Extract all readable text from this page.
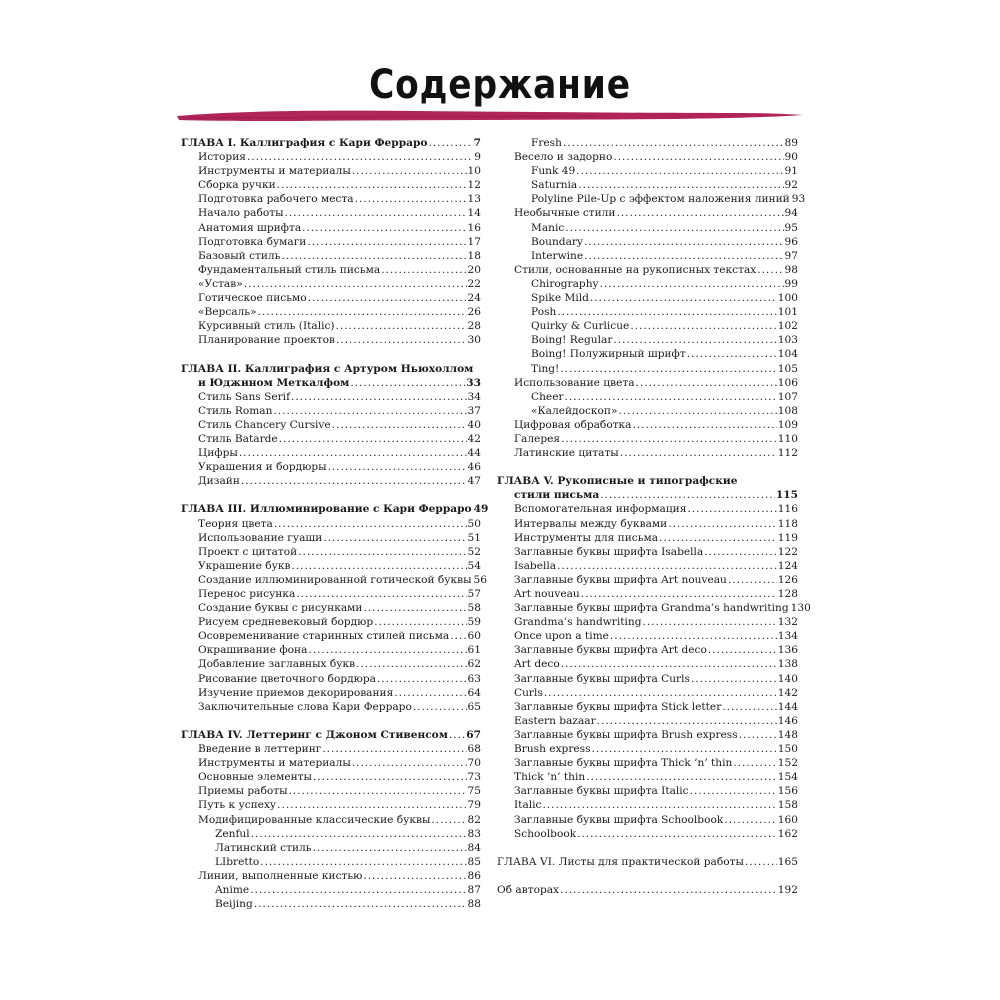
Содержание
ГЛАВА I. Каллиграфия с Кари Ферраро . . .	7
История . . .	9
Инструменты и материалы . . .	10
Сборка ручки . . .	12
Подготовка рабочего места . . .	13
Начало работы . . .	14
Анатомия шрифта . . .	16
Подготовка бумаги . . .	17
Базовый стиль . . .	18
Фундаментальный стиль письма . . .	20
«Устав» . . .	22
Готическое письмо . . .	24
«Версаль» . . .	26
Курсивный стиль (Italic) . . .	28
Планирование проектов . . .	30
ГЛАВА II. Каллиграфия с Артуром Ньюхоллом
и Юджином Меткалфом . . .	33
Стиль Sans Serif . . .	34
Стиль Roman . . .	37
Стиль Chancery Cursive . . .	40
Стиль Batarde . . .	42
Цифры . . .	44
Украшения и бордюры . . .	46
Дизайн . . .	47
ГЛАВА III. Иллюминирование с Кари Ферраро 49
Теория цвета . . .	50
Использование гуаши . . .	51
Проект с цитатой . . .	52
Украшение букв . . .	54
Создание иллюминированной готической буквы 56
Перенос рисунка . . .	57
Создание буквы с рисунками . . .	58
Рисуем средневековый бордюр . . .	59
Осовременивание старинных стилей письма . . . 60
Окрашивание фона . . .	61
Добавление заглавных букв . . .	62
Рисование цветочного бордюра . . .	63
Изучение приемов декорирования . . .	64
Заключительные слова Кари Ферраро . . .	65
ГЛАВА IV. Леттеринг с Джоном Стивенсом . . . 67
Введение в леттеринг . . .	68
Инструменты и материалы . . .	70
Основные элементы . . .	73
Приемы работы . . .	75
Путь к успеху . . .	79
Модифицированные классические буквы . . .	82
Zenful . . .	83
Латинский стиль . . .	84
LIbretto . . .	85
Линии, выполненные кистью . . .	86
Anime . . .	87
Beijing . . .	88
Fresh . . .	89
Весело и задорно . . .	90
Funk 49 . . .	91
Saturnia . . .	92
Polyline Pile-Up с эффектом наложения линий 93
Необычные стили . . .	94
Manic . . .	95
Boundary . . .	96
Interwine . . .	97
Стили, основанные на рукописных текстах . . .	98
Chirography . . .	99
Spike Mild . . .	100
Posh . . .	101
Quirky & Curlicue . . .	102
Boing! Regular . . .	103
Boing! Полужирный шрифт . . .	104
Ting! . . .	105
Использование цвета . . .	106
Cheer . . .	107
«Калейдоскоп» . . .	108
Цифровая обработка . . .	109
Галерея . . .	110
Латинские цитаты . . .	112
ГЛАВА V. Рукописные и типографские
стили письма . . .	115
Вспомогательная информация . . .	116
Интервалы между буквами . . .	118
Инструменты для письма . . .	119
Заглавные буквы шрифта Isabella . . .	122
Isabella . . .	124
Заглавные буквы шрифта Art nouveau . . .	126
Art nouveau . . .	128
Заглавные буквы шрифта Grandma’s handwriting 130
Grandma’s handwriting . . .	132
Once upon a time . . .	134
Заглавные буквы шрифта Art deco . . .	136
Art deco . . .	138
Заглавные буквы шрифта Curls . . .	140
Curls . . .	142
Заглавные буквы шрифта Stick letter . . .	144
Eastern bazaar . . .	146
Заглавные буквы шрифта Brush express . . .	148
Brush express . . .	150
Заглавные буквы шрифта Thick ’n’ thin . . .	152
Thick ’n’ thin . . .	154
Заглавные буквы шрифта Italic . . .	156
Italic . . .	158
Заглавные буквы шрифта Schoolbook . . .	160
Schoolbook . . .	162
ГЛАВА VI. Листы для практической работы . . .	165
Об авторах . . .	192
